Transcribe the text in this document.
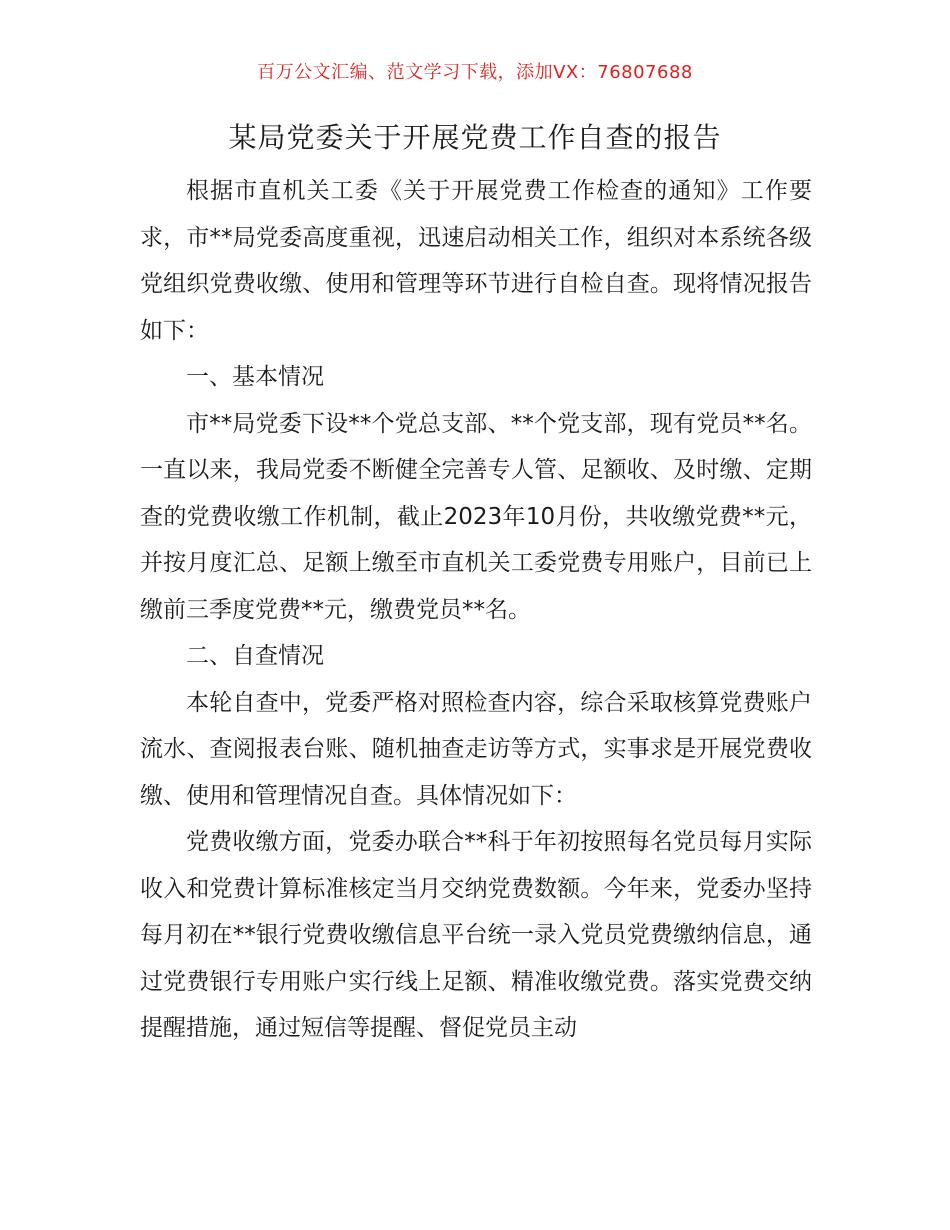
百万公文汇编、范文学习下载，添加VX：76807688
某局党委关于开展党费工作自查的报告

根据市直机关工委《关于开展党费工作检查的通知》工作要求，市**局党委高度重视，迅速启动相关工作，组织对本系统各级党组织党费收缴、使用和管理等环节进行自检自查。现将情况报告如下：

一、基本情况

市**局党委下设**个党总支部、**个党支部，现有党员**名。一直以来，我局党委不断健全完善专人管、足额收、及时缴、定期查的党费收缴工作机制，截止2023年10月份，共收缴党费**元，并按月度汇总、足额上缴至市直机关工委党费专用账户，目前已上缴前三季度党费**元，缴费党员**名。

二、自查情况

本轮自查中，党委严格对照检查内容，综合采取核算党费账户流水、查阅报表台账、随机抽查走访等方式，实事求是开展党费收缴、使用和管理情况自查。具体情况如下：

党费收缴方面，党委办联合**科于年初按照每名党员每月实际收入和党费计算标准核定当月交纳党费数额。今年来，党委办坚持每月初在**银行党费收缴信息平台统一录入党员党费缴纳信息，通过党费银行专用账户实行线上足额、精准收缴党费。落实党费交纳提醒措施，通过短信等提醒、督促党员主动
